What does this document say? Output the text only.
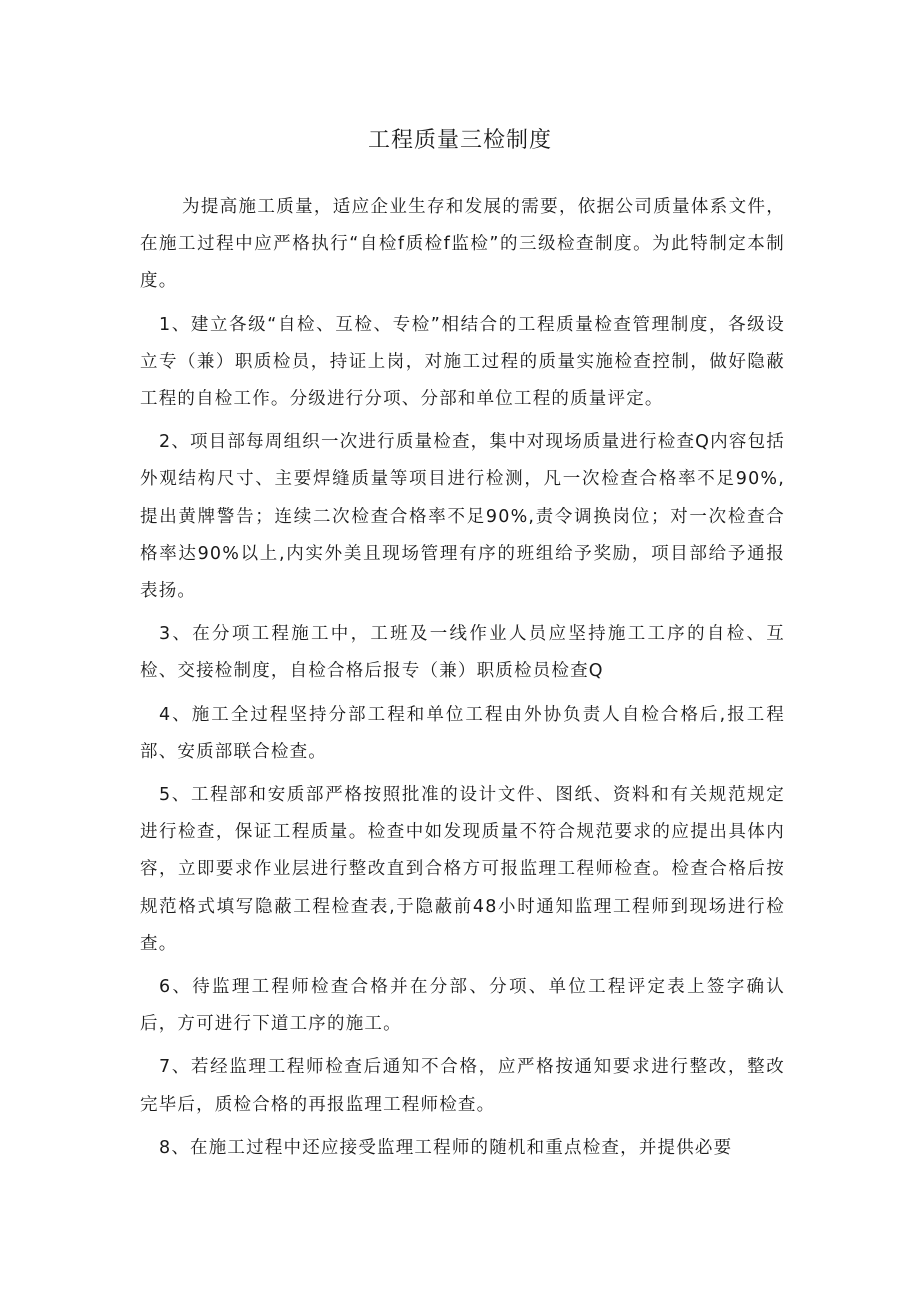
工程质量三检制度

为提高施工质量，适应企业生存和发展的需要，依据公司质量体系文件，在施工过程中应严格执行“自检f质检f监检”的三级检查制度。为此特制定本制度。

1、建立各级“自检、互检、专检”相结合的工程质量检查管理制度，各级设立专（兼）职质检员，持证上岗，对施工过程的质量实施检查控制，做好隐蔽工程的自检工作。分级进行分项、分部和单位工程的质量评定。

2、项目部每周组织一次进行质量检查，集中对现场质量进行检查Q内容包括外观结构尺寸、主要焊缝质量等项目进行检测，凡一次检查合格率不足90%,提出黄牌警告；连续二次检查合格率不足90%,责令调换岗位；对一次检查合格率达90%以上,内实外美且现场管理有序的班组给予奖励，项目部给予通报表扬。

3、在分项工程施工中，工班及一线作业人员应坚持施工工序的自检、互检、交接检制度，自检合格后报专（兼）职质检员检查Q

4、施工全过程坚持分部工程和单位工程由外协负责人自检合格后,报工程部、安质部联合检查。

5、工程部和安质部严格按照批准的设计文件、图纸、资料和有关规范规定进行检查，保证工程质量。检查中如发现质量不符合规范要求的应提出具体内容，立即要求作业层进行整改直到合格方可报监理工程师检查。检查合格后按规范格式填写隐蔽工程检查表,于隐蔽前48小时通知监理工程师到现场进行检查。

6、待监理工程师检查合格并在分部、分项、单位工程评定表上签字确认后，方可进行下道工序的施工。

7、若经监理工程师检查后通知不合格，应严格按通知要求进行整改，整改完毕后，质检合格的再报监理工程师检查。

8、在施工过程中还应接受监理工程师的随机和重点检查，并提供必要
